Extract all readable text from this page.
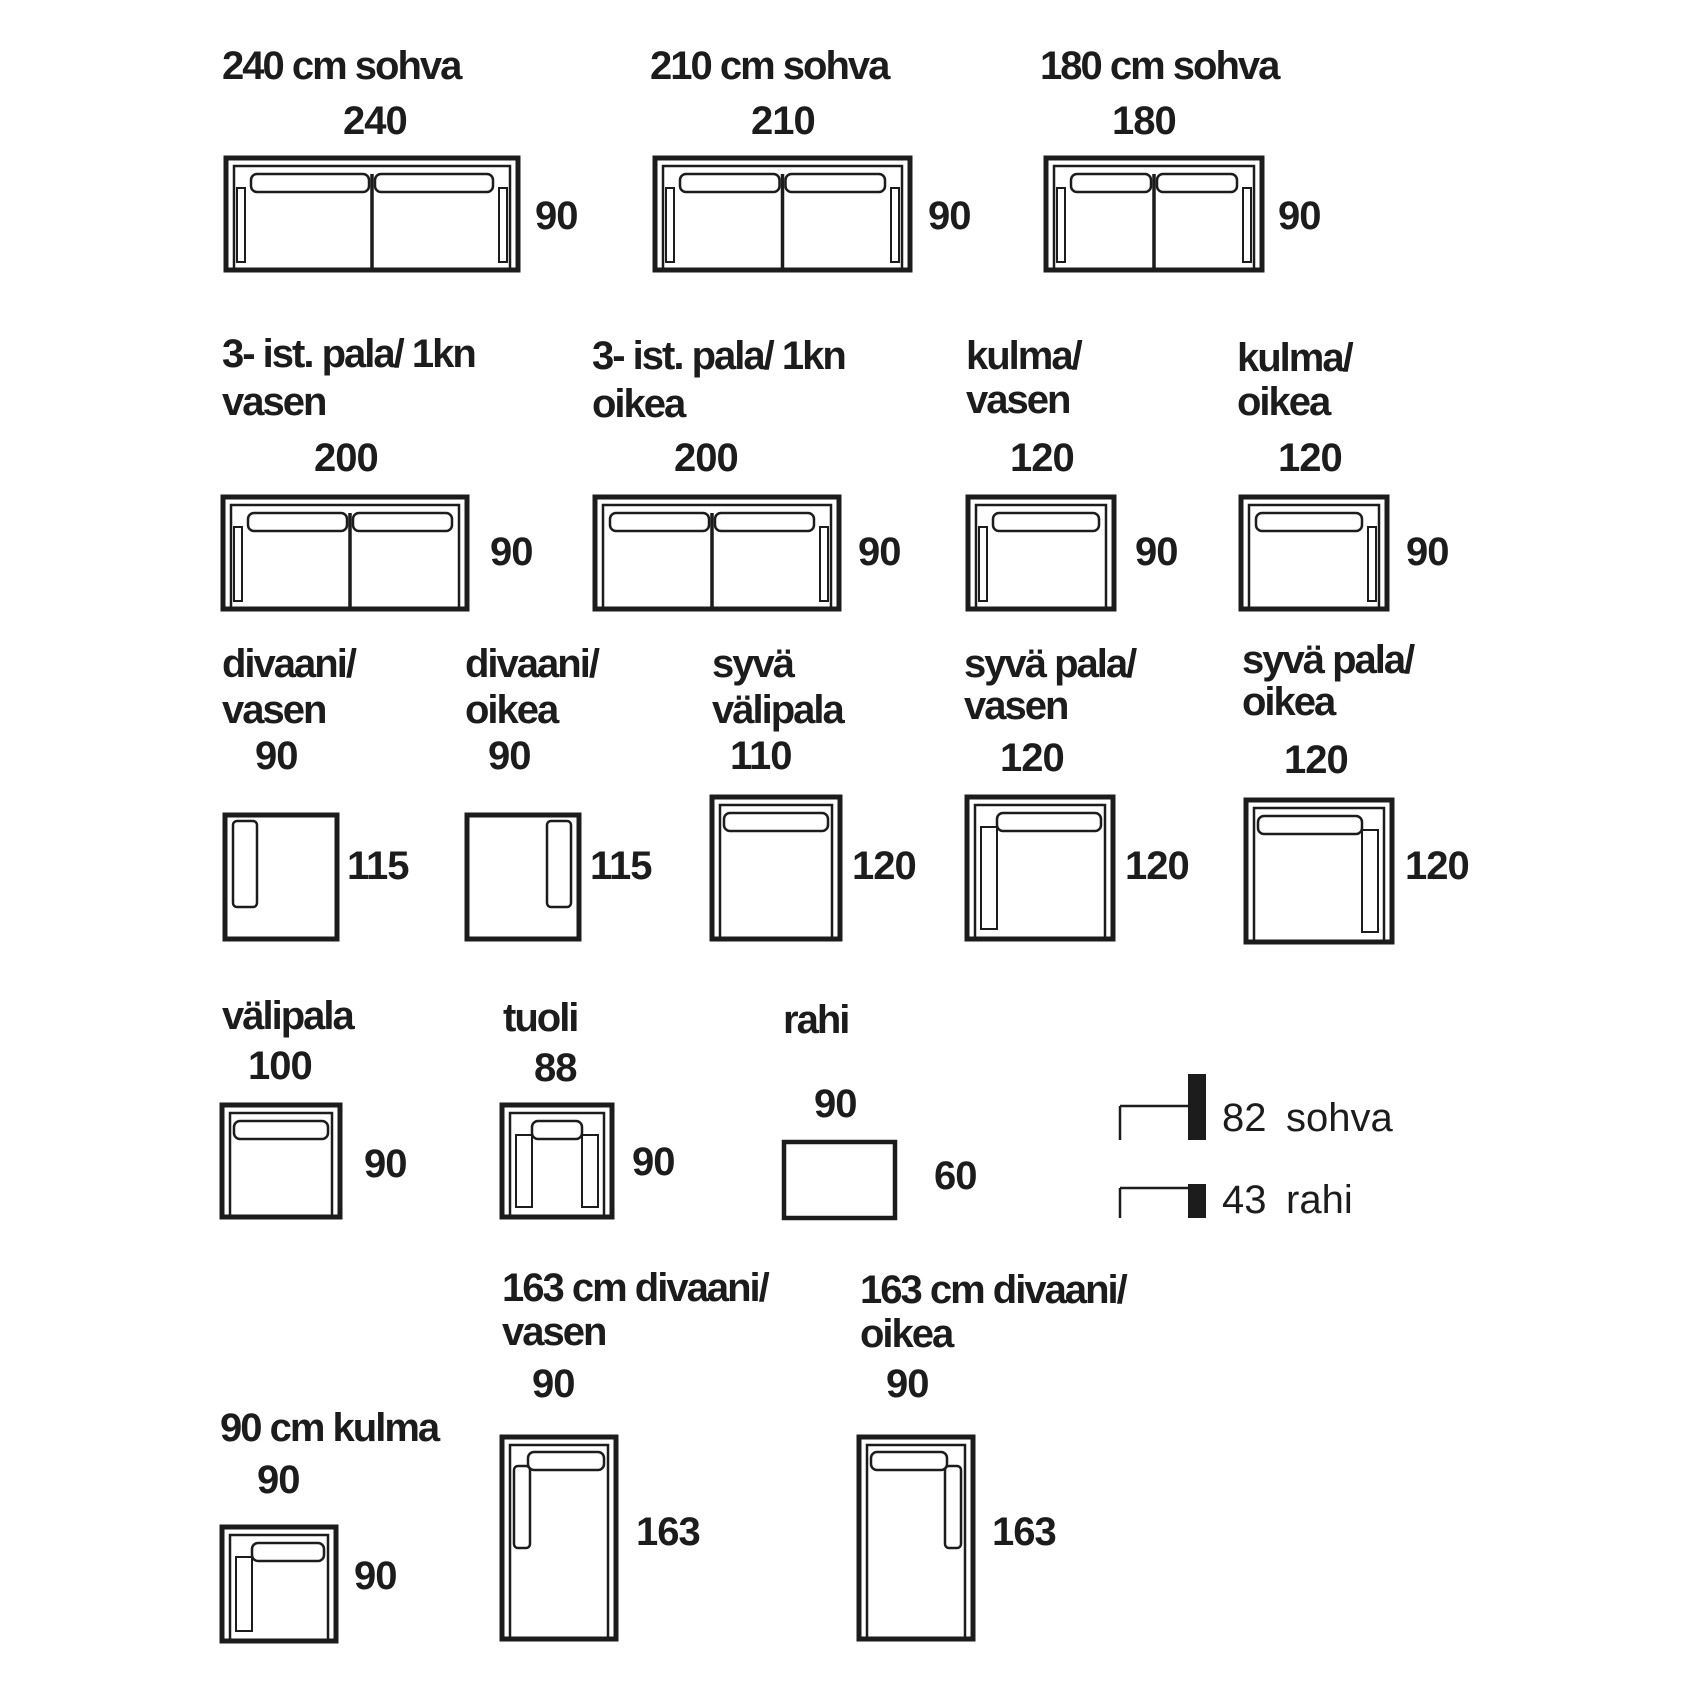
240 cm sohva
240
90
210 cm sohva
210
90
180 cm sohva
180
90
3- ist. pala/ 1kn
vasen
200
90
3- ist. pala/ 1kn
oikea
200
90
kulma/
vasen
120
90
kulma/
oikea
120
90
divaani/
vasen
90
115
divaani/
oikea
90
115
syvä
välipala
110
120
syvä pala/
vasen
120
120
syvä pala/
oikea
120
120
välipala
100
90
tuoli
88
90
rahi
90
60
82 sohva
43 rahi
90 cm kulma
90
90
163 cm divaani/
vasen
90
163
163 cm divaani/
oikea
90
163
